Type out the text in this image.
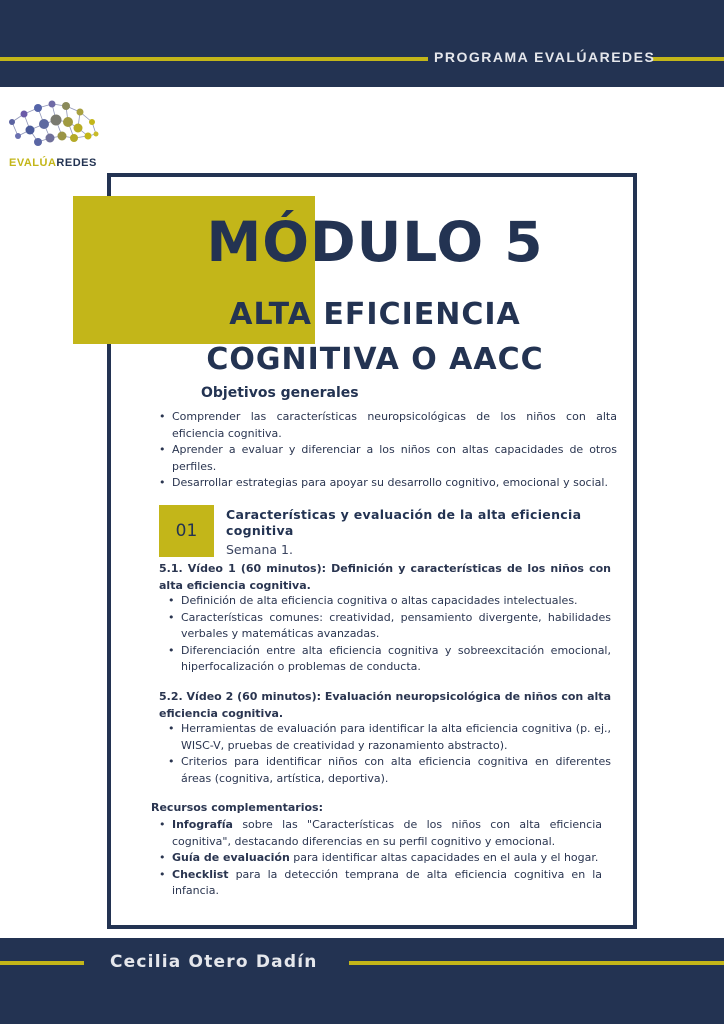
PROGRAMA EVALÚAREDES
EVALÚAREDES
MÓDULO 5
ALTA EFICIENCIA
COGNITIVA O AACC
Objetivos generales
• Comprender las características neuropsicológicas de los niños con alta eficiencia cognitiva.
• Aprender a evaluar y diferenciar a los niños con altas capacidades de otros perfiles.
• Desarrollar estrategias para apoyar su desarrollo cognitivo, emocional y social.
01
Características y evaluación de la alta eficiencia cognitiva
Semana 1.
5.1. Vídeo 1 (60 minutos): Definición y características de los niños con alta eficiencia cognitiva.
• Definición de alta eficiencia cognitiva o altas capacidades intelectuales.
• Características comunes: creatividad, pensamiento divergente, habilidades verbales y matemáticas avanzadas.
• Diferenciación entre alta eficiencia cognitiva y sobreexcitación emocional, hiperfocalización o problemas de conducta.
5.2. Vídeo 2 (60 minutos): Evaluación neuropsicológica de niños con alta eficiencia cognitiva.
• Herramientas de evaluación para identificar la alta eficiencia cognitiva (p. ej., WISC-V, pruebas de creatividad y razonamiento abstracto).
• Criterios para identificar niños con alta eficiencia cognitiva en diferentes áreas (cognitiva, artística, deportiva).
Recursos complementarios:
• Infografía sobre las "Características de los niños con alta eficiencia cognitiva", destacando diferencias en su perfil cognitivo y emocional.
• Guía de evaluación para identificar altas capacidades en el aula y el hogar.
• Checklist para la detección temprana de alta eficiencia cognitiva en la infancia.
Cecilia Otero Dadín
